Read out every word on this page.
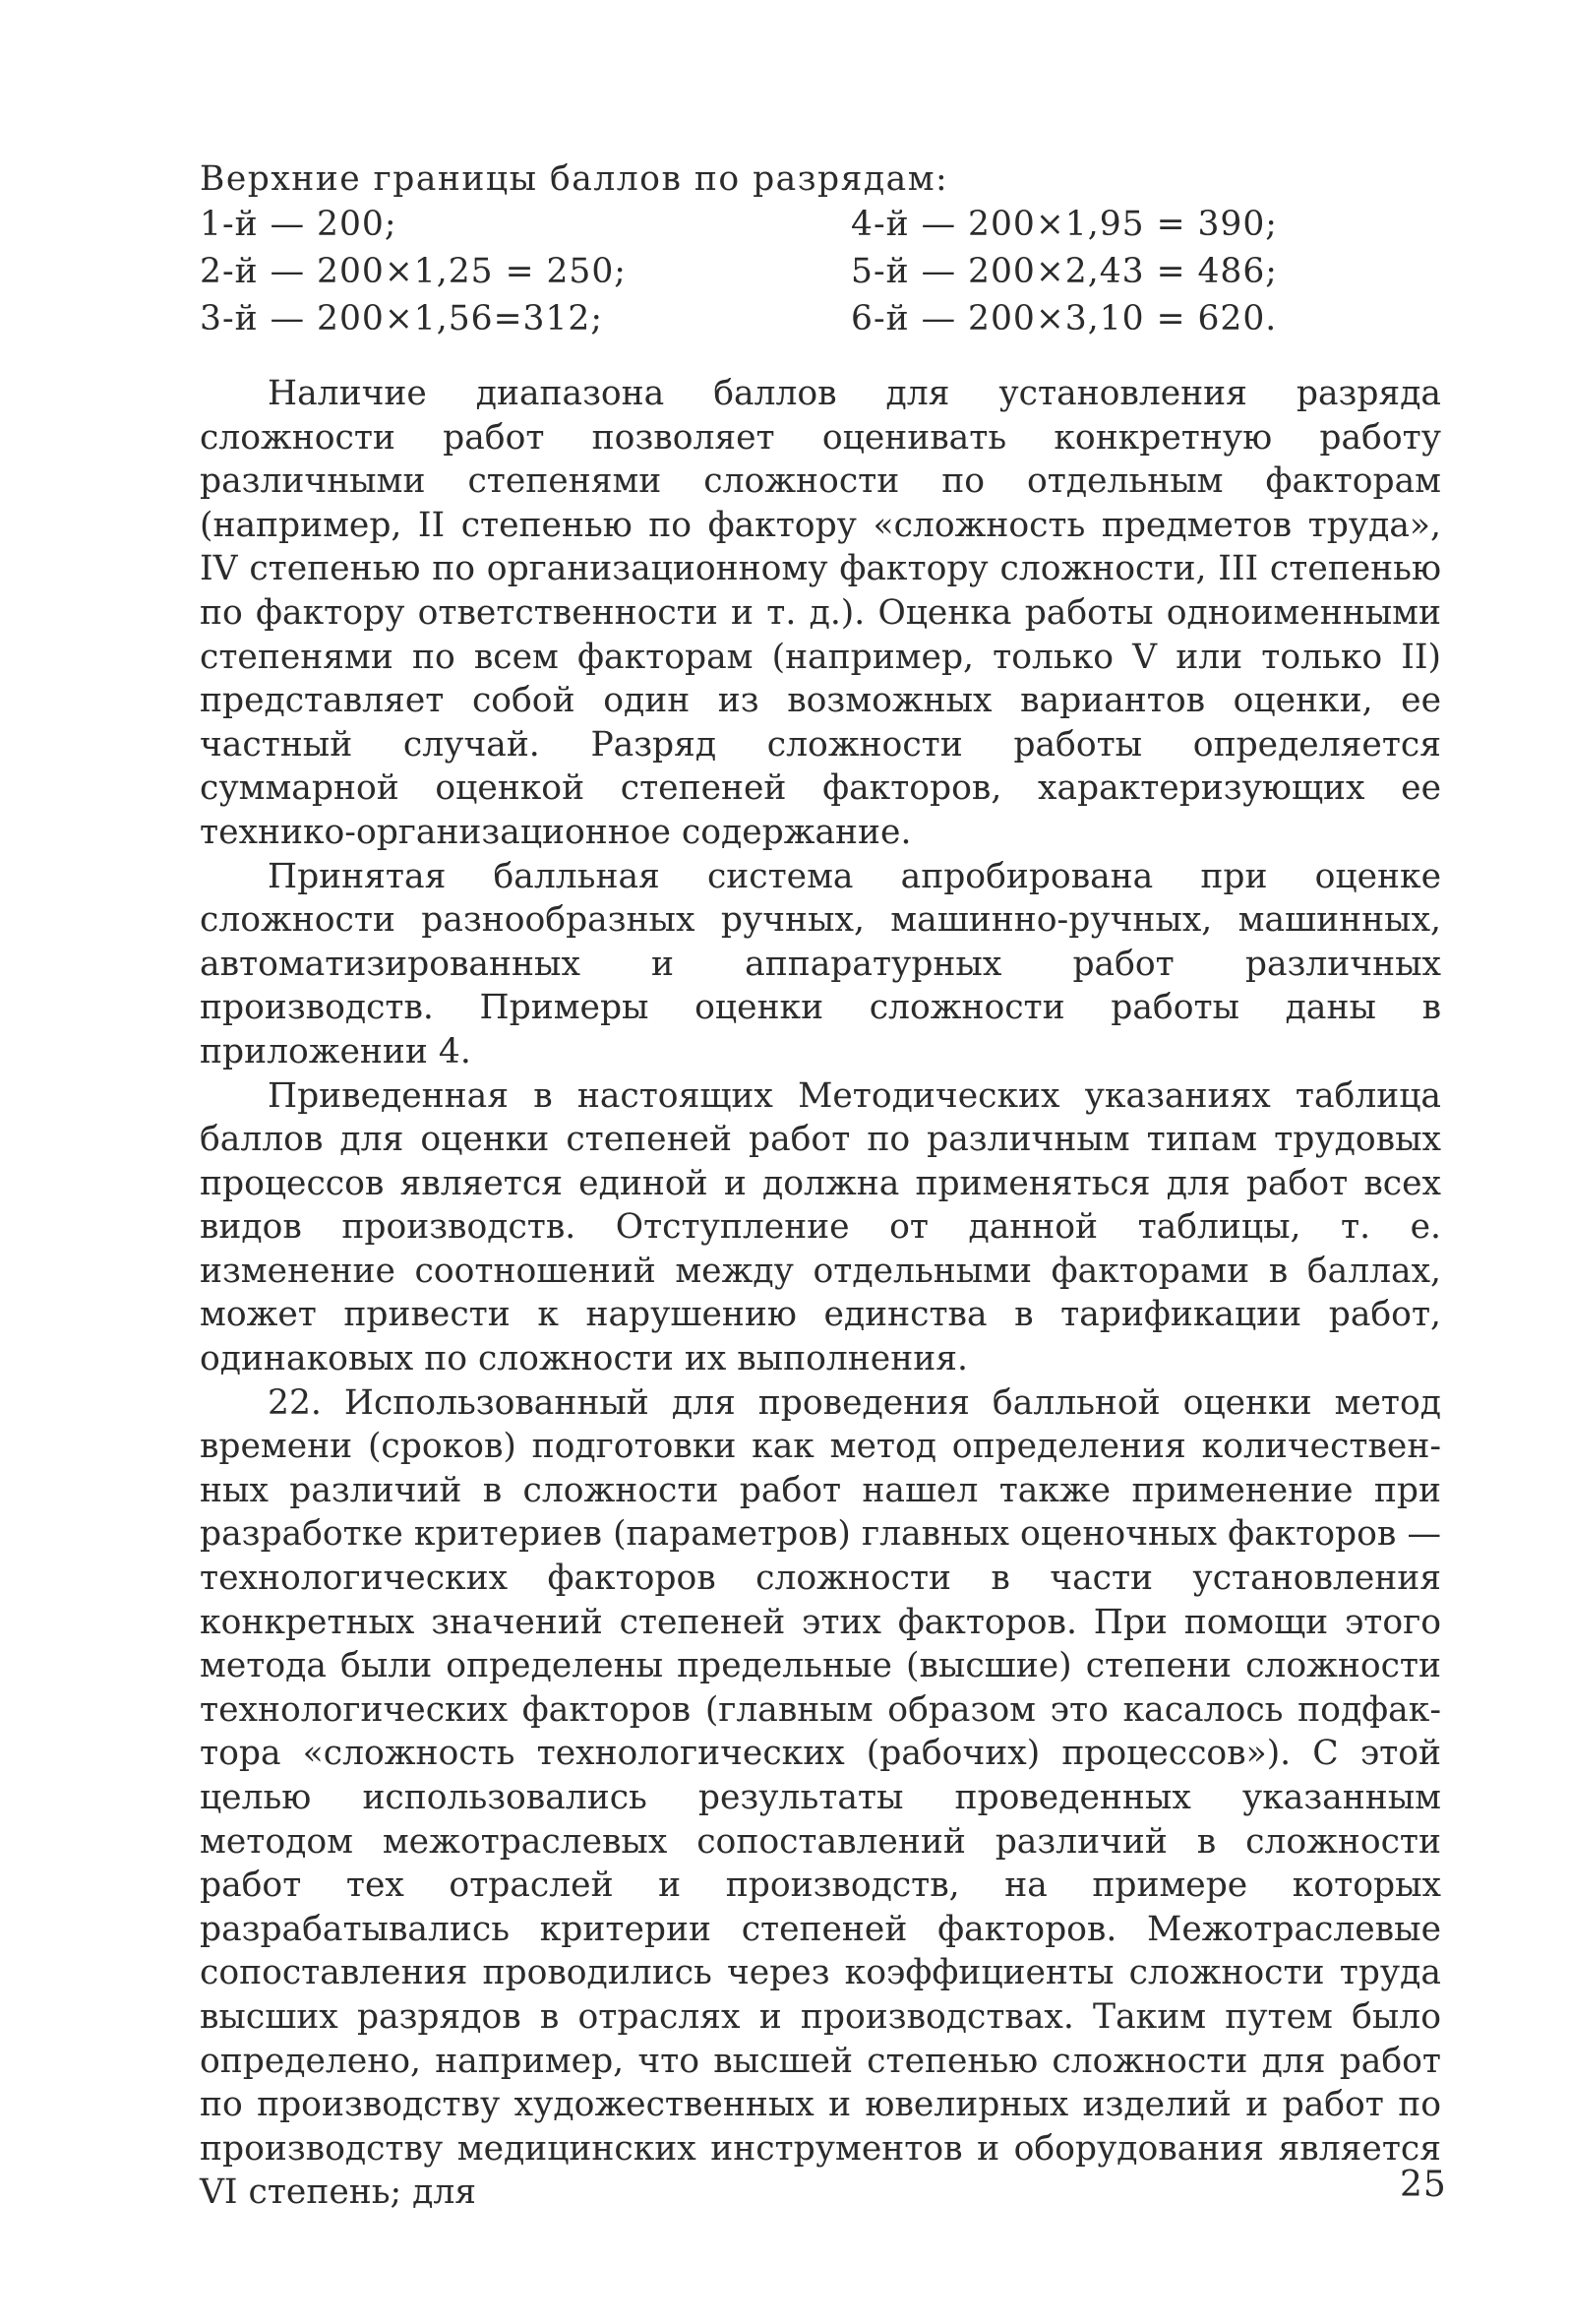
Верхние границы баллов по разрядам:
1-й — 200;
2-й — 200×1,25 = 250;
3-й — 200×1,56=312;
4-й — 200×1,95 = 390;
5-й — 200×2,43 = 486;
6-й — 200×3,10 = 620.

Наличие диапазона баллов для установления разряда сложности работ позволяет оценивать конкретную работу различными степенями сложности по отдельным факторам (например, II степенью по фактору «сложность предметов труда», IV степенью по организационному фактору сложности, III степенью по фактору ответственности и т. д.). Оценка работы одноименными степенями по всем факторам (например, только V или только II) представляет собой один из возможных вариантов оценки, ее частный случай. Разряд сложности работы определяется суммарной оценкой степеней факторов, характеризующих ее технико-организационное содержание.

Принятая балльная система апробирована при оценке сложности разнообразных ручных, машинно-ручных, машинных, автоматизированных и аппаратурных работ различных производств. Примеры оценки сложности работы даны в приложении 4.

Приведенная в настоящих Методических указаниях таблица баллов для оценки степеней работ по различным типам трудовых процессов является единой и должна применяться для работ всех видов производств. Отступление от данной таблицы, т. е. изменение соотношений между отдельными факторами в баллах, может привести к нарушению единства в тарификации работ, одинаковых по сложности их выполнения.

22. Использованный для проведения балльной оценки метод времени (сроков) подготовки как метод определения количественных различий в сложности работ нашел также применение при разработке критериев (параметров) главных оценочных факторов — технологических факторов сложности в части установления конкретных значений степеней этих факторов. При помощи этого метода были определены предельные (высшие) степени сложности технологических факторов (главным образом это касалось подфактора «сложность технологических (рабочих) процессов»). С этой целью использовались результаты проведенных указанным методом межотраслевых сопоставлений различий в сложности работ тех отраслей и производств, на примере которых разрабатывались критерии степеней факторов. Межотраслевые сопоставления проводились через коэффициенты сложности труда высших разрядов в отраслях и производствах. Таким путем было определено, например, что высшей степенью сложности для работ по производству художественных и ювелирных изделий и работ по производству медицинских инструментов и оборудования является VI степень; для	25
